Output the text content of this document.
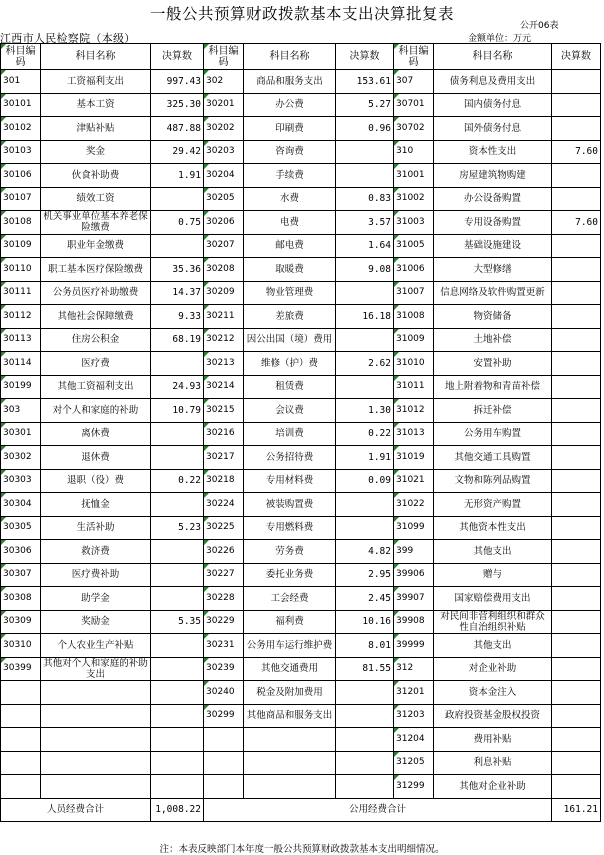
一般公共预算财政拨款基本支出决算批复表
公开06表
金额单位：万元
江西市人民检察院（本级）
科目编码	科目名称	决算数	科目编码	科目名称	决算数	科目编码	科目名称	决算数
301	工资福利支出	997.43	302	商品和服务支出	153.61	307	债务利息及费用支出	
30101	基本工资	325.30	30201	办公费	5.27	30701	国内债务付息	
30102	津贴补贴	487.88	30202	印刷费	0.96	30702	国外债务付息	
30103	奖金	29.42	30203	咨询费		310	资本性支出	7.60
30106	伙食补助费	1.91	30204	手续费		31001	房屋建筑物购建	
30107	绩效工资		30205	水费	0.83	31002	办公设备购置	
30108	机关事业单位基本养老保险缴费	0.75	30206	电费	3.57	31003	专用设备购置	7.60
30109	职业年金缴费		30207	邮电费	1.64	31005	基础设施建设	
30110	职工基本医疗保险缴费	35.36	30208	取暖费	9.08	31006	大型修缮	
30111	公务员医疗补助缴费	14.37	30209	物业管理费		31007	信息网络及软件购置更新	
30112	其他社会保障缴费	9.33	30211	差旅费	16.18	31008	物资储备	
30113	住房公积金	68.19	30212	因公出国（境）费用		31009	土地补偿	
30114	医疗费		30213	维修（护）费	2.62	31010	安置补助	
30199	其他工资福利支出	24.93	30214	租赁费		31011	地上附着物和青苗补偿	
303	对个人和家庭的补助	10.79	30215	会议费	1.30	31012	拆迁补偿	
30301	离休费		30216	培训费	0.22	31013	公务用车购置	
30302	退休费		30217	公务招待费	1.91	31019	其他交通工具购置	
30303	退职（役）费	0.22	30218	专用材料费	0.09	31021	文物和陈列品购置	
30304	抚恤金		30224	被装购置费		31022	无形资产购置	
30305	生活补助	5.23	30225	专用燃料费		31099	其他资本性支出	
30306	救济费		30226	劳务费	4.82	399	其他支出	
30307	医疗费补助		30227	委托业务费	2.95	39906	赠与	
30308	助学金		30228	工会经费	2.45	39907	国家赔偿费用支出	
30309	奖励金	5.35	30229	福利费	10.16	39908	对民间非营利组织和群众性自治组织补贴	
30310	个人农业生产补贴		30231	公务用车运行维护费	8.01	39999	其他支出	
30399	其他对个人和家庭的补助支出		30239	其他交通费用	81.55	312	对企业补助	
			30240	税金及附加费用		31201	资本金注入	
			30299	其他商品和服务支出		31203	政府投资基金股权投资	
						31204	费用补贴	
						31205	利息补贴	
						31299	其他对企业补助	
人员经费合计		1,008.22	公用经费合计					161.21
注：本表反映部门本年度一般公共预算财政拨款基本支出明细情况。
